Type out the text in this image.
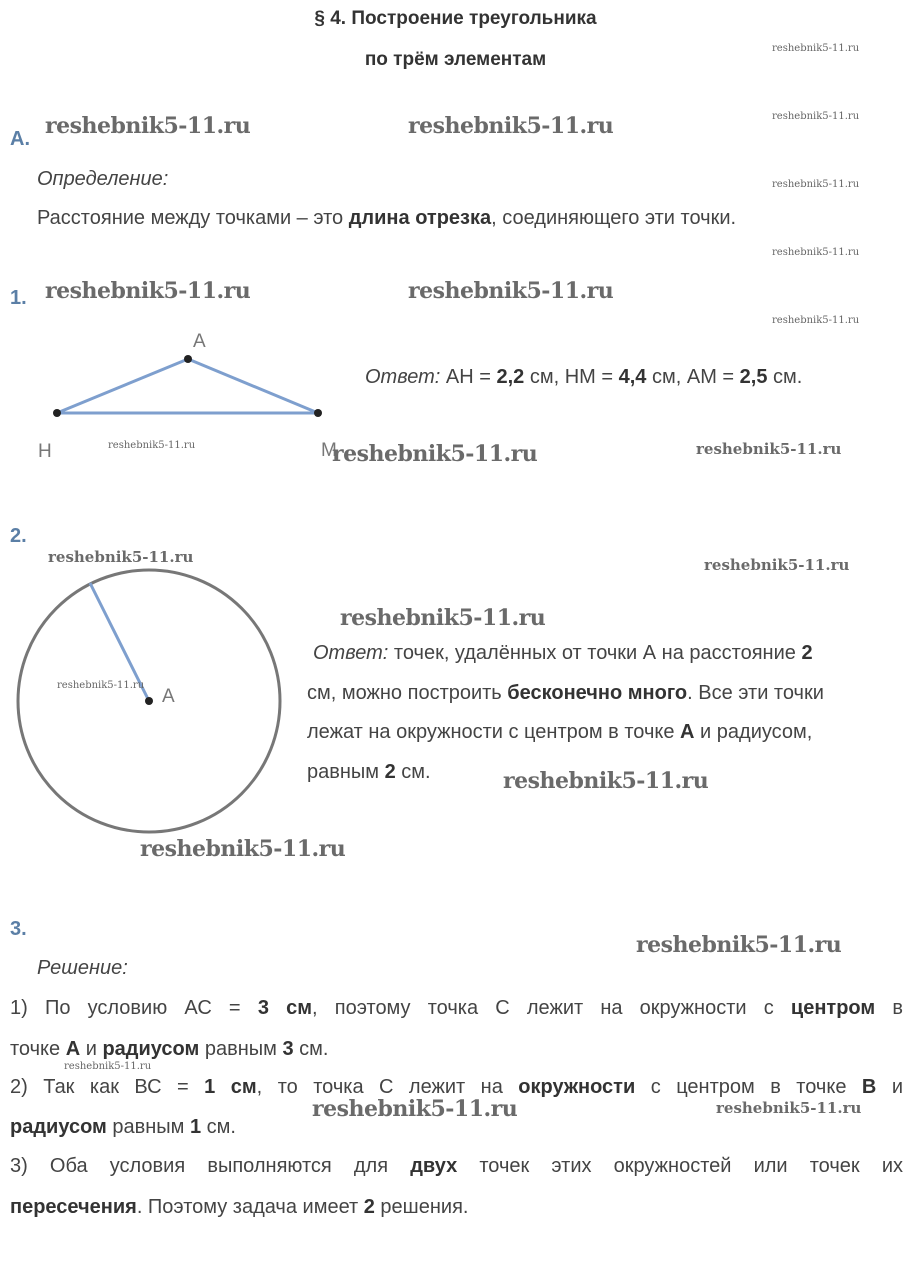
§ 4. Построение треугольника
по трём элементам
reshebnik5-11.ru
reshebnik5-11.ru
reshebnik5-11.ru
reshebnik5-11.ru
reshebnik5-11.ru
А. reshebnik5-11.ru	reshebnik5-11.ru
Определение:
Расстояние между точками – это длина отрезка, соединяющего эти точки.
1. reshebnik5-11.ru	reshebnik5-11.ru
A
H	M
reshebnik5-11.ru	reshebnik5-11.ru	reshebnik5-11.ru
Ответ: АН = 2,2 см, НМ = 4,4 см, АМ = 2,5 см.
2.
reshebnik5-11.ru	reshebnik5-11.ru
reshebnik5-11.ru
reshebnik5-11.ru
A
Ответ: точек, удалённых от точки А на расстояние 2
см, можно построить бесконечно много. Все эти точки
лежат на окружности с центром в точке А и радиусом,
равным 2 см.	reshebnik5-11.ru
reshebnik5-11.ru
3.
reshebnik5-11.ru
Решение:
1) По условию АС = 3 см, поэтому точка С лежит на окружности с центром в
точке А и радиусом равным 3 см.
reshebnik5-11.ru
2) Так как ВС = 1 см, то точка С лежит на окружности с центром в точке В и
reshebnik5-11.ru	reshebnik5-11.ru
радиусом равным 1 см.
3) Оба условия выполняются для двух точек этих окружностей или точек их
пересечения. Поэтому задача имеет 2 решения.
